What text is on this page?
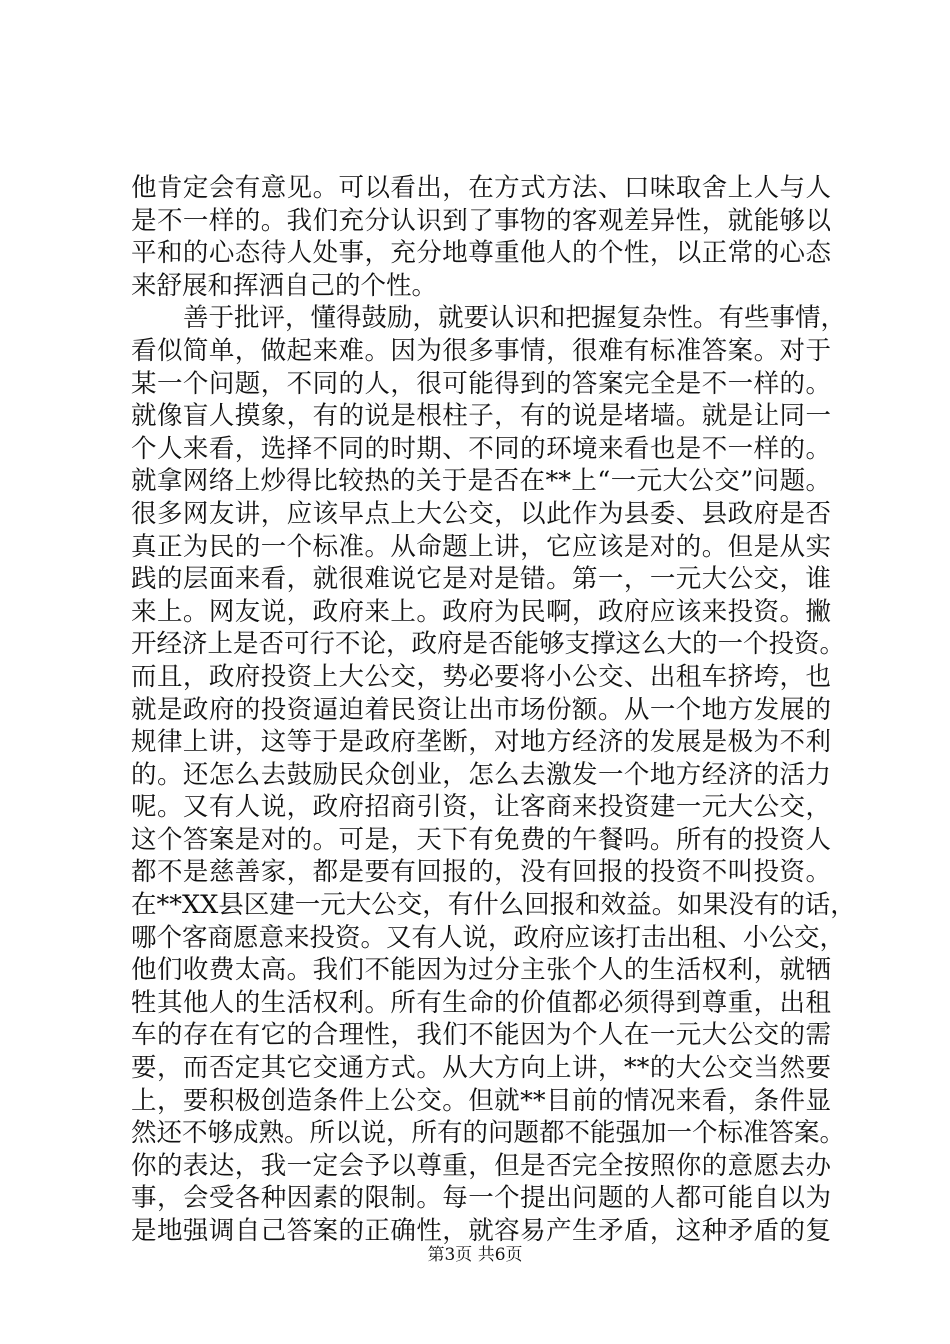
他肯定会有意见。可以看出，在方式方法、口味取舍上人与人
是不一样的。我们充分认识到了事物的客观差异性，就能够以
平和的心态待人处事，充分地尊重他人的个性，以正常的心态
来舒展和挥洒自己的个性。
善于批评，懂得鼓励，就要认识和把握复杂性。有些事情，
看似简单，做起来难。因为很多事情，很难有标准答案。对于
某一个问题，不同的人，很可能得到的答案完全是不一样的。
就像盲人摸象，有的说是根柱子，有的说是堵墙。就是让同一
个人来看，选择不同的时期、不同的环境来看也是不一样的。
就拿网络上炒得比较热的关于是否在**上“一元大公交”问题。
很多网友讲，应该早点上大公交，以此作为县委、县政府是否
真正为民的一个标准。从命题上讲，它应该是对的。但是从实
践的层面来看，就很难说它是对是错。第一，一元大公交，谁
来上。网友说，政府来上。政府为民啊，政府应该来投资。撇
开经济上是否可行不论，政府是否能够支撑这么大的一个投资。
而且，政府投资上大公交，势必要将小公交、出租车挤垮，也
就是政府的投资逼迫着民资让出市场份额。从一个地方发展的
规律上讲，这等于是政府垄断，对地方经济的发展是极为不利
的。还怎么去鼓励民众创业，怎么去激发一个地方经济的活力
呢。又有人说，政府招商引资，让客商来投资建一元大公交，
这个答案是对的。可是，天下有免费的午餐吗。所有的投资人
都不是慈善家，都是要有回报的，没有回报的投资不叫投资。
在**XX县区建一元大公交，有什么回报和效益。如果没有的话，
哪个客商愿意来投资。又有人说，政府应该打击出租、小公交，
他们收费太高。我们不能因为过分主张个人的生活权利，就牺
牲其他人的生活权利。所有生命的价值都必须得到尊重，出租
车的存在有它的合理性，我们不能因为个人在一元大公交的需
要，而否定其它交通方式。从大方向上讲，**的大公交当然要
上，要积极创造条件上公交。但就**目前的情况来看，条件显
然还不够成熟。所以说，所有的问题都不能强加一个标准答案。
你的表达，我一定会予以尊重，但是否完全按照你的意愿去办
事，会受各种因素的限制。每一个提出问题的人都可能自以为
是地强调自己答案的正确性，就容易产生矛盾，这种矛盾的复
第3页 共6页
